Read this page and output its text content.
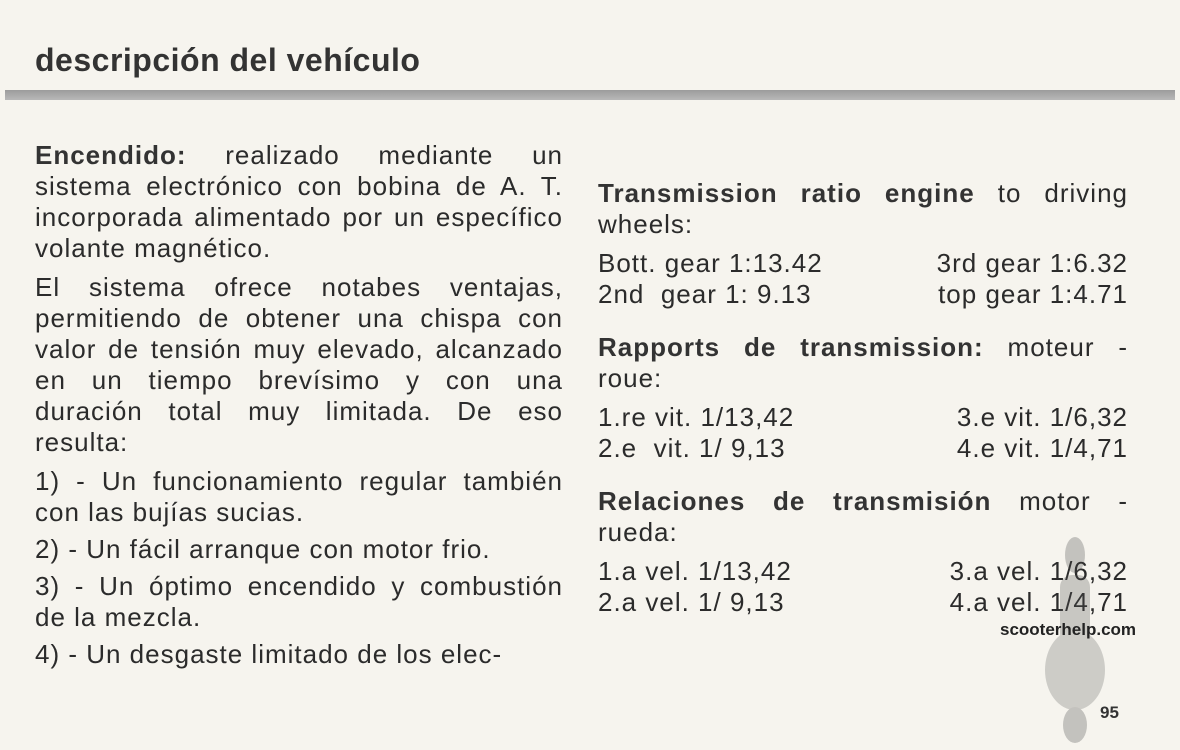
descripción del vehículo

Encendido: realizado mediante un sistema electrónico con bobina de A. T. incorporada alimentado por un específico volante magnético.

El sistema ofrece notabes ventajas, permitiendo de obtener una chispa con valor de tensión muy elevado, alcanzado en un tiempo brevísimo y con una duración total muy limitada. De eso resulta:

1) - Un funcionamiento regular también con las bujías sucias.
2) - Un fácil arranque con motor frio.
3) - Un óptimo encendido y combustión de la mezcla.
4) - Un desgaste limitado de los elec-
Transmission ratio engine to driving wheels:
Bott. gear 1:13.42	3rd gear 1:6.32
2nd  gear 1: 9.13	top gear 1:4.71
Rapports de transmission: moteur - roue:
1.re vit. 1/13,42	3.e vit. 1/6,32
2.e  vit. 1/ 9,13	4.e vit. 1/4,71
Relaciones de transmisión motor - rueda:
1.a vel. 1/13,42	3.a vel. 1/6,32
2.a vel. 1/ 9,13	4.a vel. 1/4,71
scooterhelp.com
95
